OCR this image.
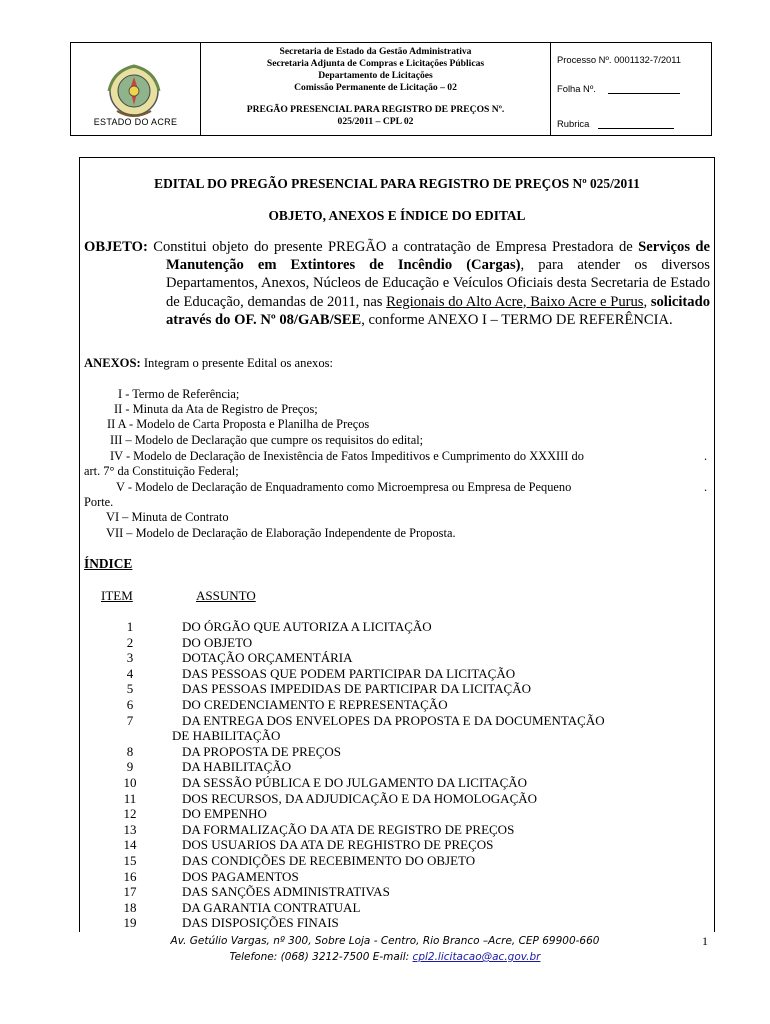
ESTADO DO ACRE
Secretaria de Estado da Gestão Administrativa
Secretaria Adjunta de Compras e Licitações Públicas
Departamento de Licitações
Comissão Permanente de Licitação – 02
PREGÃO PRESENCIAL PARA REGISTRO DE PREÇOS Nº.
025/2011 – CPL 02
Processo Nº. 0001132-7/2011
Folha Nº.
Rubrica
EDITAL DO PREGÃO PRESENCIAL PARA REGISTRO DE PREÇOS Nº 025/2011
OBJETO, ANEXOS E ÍNDICE DO EDITAL

OBJETO: Constitui objeto do presente PREGÃO a contratação de Empresa Prestadora de Serviços de Manutenção em Extintores de Incêndio (Cargas), para atender os diversos Departamentos, Anexos, Núcleos de Educação e Veículos Oficiais desta Secretaria de Estado de Educação, demandas de 2011, nas Regionais do Alto Acre, Baixo Acre e Purus, solicitado através do OF. Nº 08/GAB/SEE, conforme ANEXO I – TERMO DE REFERÊNCIA.

ANEXOS: Integram o presente Edital os anexos:
I - Termo de Referência;
II - Minuta da Ata de Registro de Preços;
II A - Modelo de Carta Proposta e Planilha de Preços
III – Modelo de Declaração que cumpre os requisitos do edital;
IV - Modelo de Declaração de Inexistência de Fatos Impeditivos e Cumprimento do XXXIII do	.
art. 7° da Constituição Federal;
V - Modelo de Declaração de Enquadramento como Microempresa ou Empresa de Pequeno	.
Porte.
VI – Minuta de Contrato
VII – Modelo de Declaração de Elaboração Independente de Proposta.
ÍNDICE
ITEM	ASSUNTO
1	DO ÓRGÃO QUE AUTORIZA A LICITAÇÃO
2	DO OBJETO
3	DOTAÇÃO ORÇAMENTÁRIA
4	DAS PESSOAS QUE PODEM PARTICIPAR DA LICITAÇÃO
5	DAS PESSOAS IMPEDIDAS DE PARTICIPAR DA LICITAÇÃO
6	DO CREDENCIAMENTO E REPRESENTAÇÃO
7	DA ENTREGA DOS ENVELOPES DA PROPOSTA E DA DOCUMENTAÇÃO
DE HABILITAÇÃO
8	DA PROPOSTA DE PREÇOS
9	DA HABILITAÇÃO
10	DA SESSÃO PÚBLICA E DO JULGAMENTO DA LICITAÇÃO
11	DOS RECURSOS, DA ADJUDICAÇÃO E DA HOMOLOGAÇÃO
12	DO EMPENHO
13	DA FORMALIZAÇÃO DA ATA DE REGISTRO DE PREÇOS
14	DOS USUARIOS DA ATA DE REGHISTRO DE PREÇOS
15	DAS CONDIÇÕES DE RECEBIMENTO DO OBJETO
16	DOS PAGAMENTOS
17	DAS SANÇÕES ADMINISTRATIVAS
18	DA GARANTIA CONTRATUAL
19	DAS DISPOSIÇÕES FINAIS
Av. Getúlio Vargas, nº 300, Sobre Loja - Centro, Rio Branco –Acre, CEP 69900-660
Telefone: (068) 3212-7500 E-mail: cpl2.licitacao@ac.gov.br
1
